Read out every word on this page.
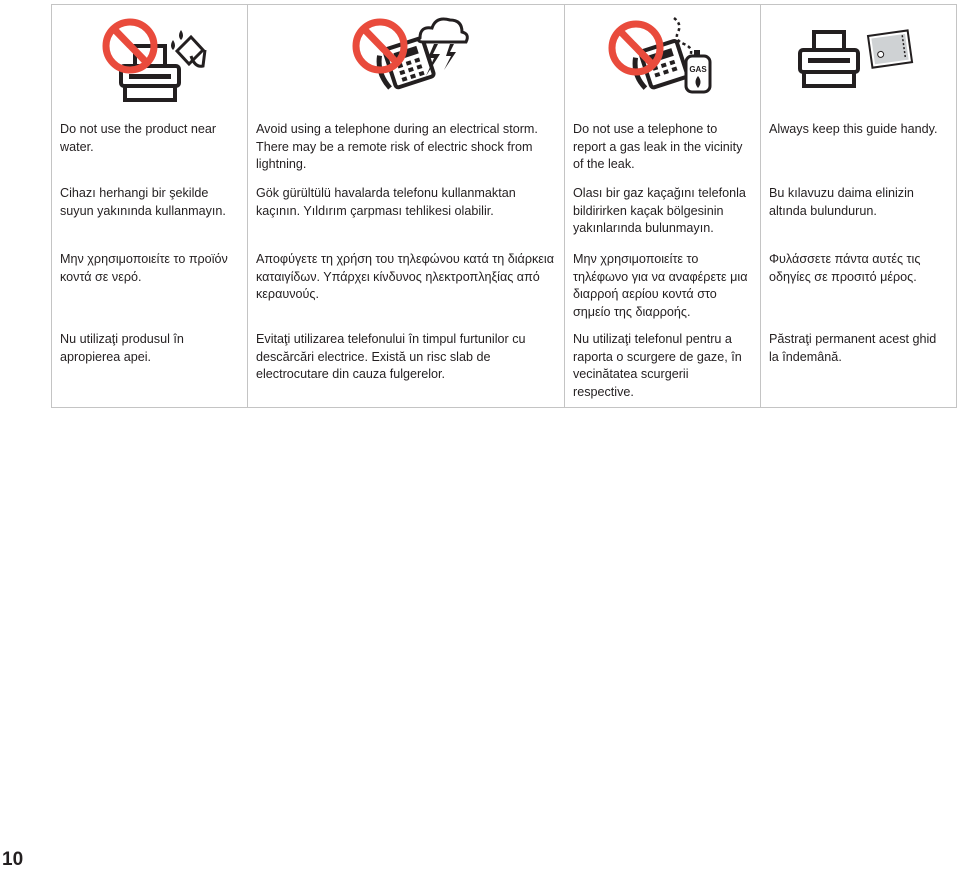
GAS

Do not use the product near water.	Avoid using a telephone during an electrical storm. There may be a remote risk of electric shock from lightning.	Do not use a telephone to report a gas leak in the vicinity of the leak.	Always keep this guide handy.
Cihazı herhangi bir şekilde suyun yakınında kullanmayın.	Gök gürültülü havalarda telefonu kullanmaktan kaçının. Yıldırım çarpması tehlikesi olabilir.	Olası bir gaz kaçağını telefonla bildirirken kaçak bölgesinin yakınlarında bulunmayın.	Bu kılavuzu daima elinizin altında bulundurun.
Μην χρησιμοποιείτε το προϊόν κοντά σε νερό.	Αποφύγετε τη χρήση του τηλεφώνου κατά τη διάρκεια καταιγίδων. Υπάρχει κίνδυνος ηλεκτροπληξίας από κεραυνούς.	Μην χρησιμοποιείτε το τηλέφωνο για να αναφέρετε μια διαρροή αερίου κοντά στο σημείο της διαρροής.	Φυλάσσετε πάντα αυτές τις οδηγίες σε προσιτό μέρος.
Nu utilizaţi produsul în apropierea apei.	Evitaţi utilizarea telefonului în timpul furtunilor cu descărcări electrice. Există un risc slab de electrocutare din cauza fulgerelor.	Nu utilizaţi telefonul pentru a raporta o scurgere de gaze, în vecinătatea scurgerii respective.	Păstraţi permanent acest ghid la îndemână.
10
